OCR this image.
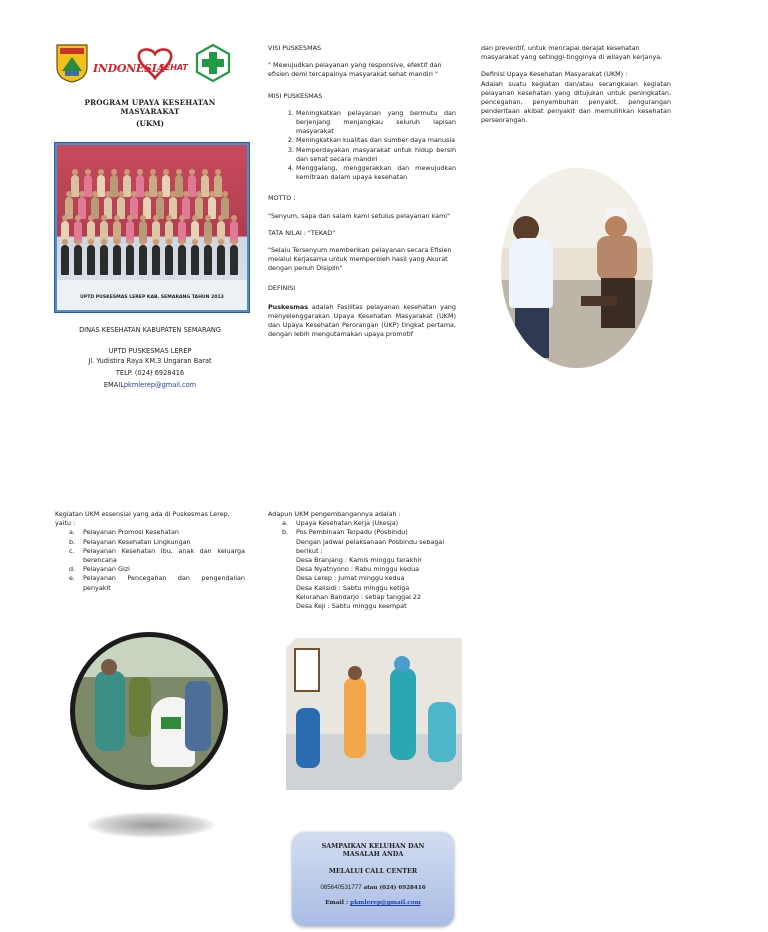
INDONESIA
SEHAT
PROGRAM UPAYA KESEHATAN MASYARAKAT
(UKM)
UPTD PUSKESMAS LEREP KAB. SEMARANG TAHUN 2013
DINAS KESEHATAN KABUPATEN SEMARANG
UPTD PUSKESMAS LEREP
Jl. Yudistira Raya KM.3 Ungaran Barat
TELP. (024) 6928416
EMAILpkmlerep@gmail.com
VISI PUSKESMAS
" Mewujudkan pelayanan yang responsive, efektif dan efisien demi tercapainya masyarakat sehat mandiri "
MISI PUSKESMAS
1. Meningkatkan pelayanan yang bermutu dan berjenjang menjangkau seluruh lapisan masyarakat
2. Meningkatkan kualitas dan sumber daya manusia
3. Memperdayakan masyarakat untuk hidup bersih dan sehat secara mandiri
4. Menggalang, menggerakkan dan mewujudkan kemitraan dalam upaya kesehatan
MOTTO :
"Senyum, sapa dan salam kami setulus pelayanan kami"
TATA NILAI : "TEKAD"
"Selalu Tersenyum memberikan pelayanan secara Efisien melalui Kerjasama untuk memperoleh hasil yang Akurat dengan penuh Disiplin"
DEFINISI
Puskesmas adalah Fasilitas pelayanan kesehatan yang menyelenggarakan Upaya Kesehatan Masyarakat (UKM) dan Upaya Kesehatan Perorangan (UKP) tingkat pertama, dengan lebih mengutamakan upaya promotif
dan preventif, untuk mencapai derajat kesehatan masyarakat yang setinggi-tingginya di wilayah kerjanya.
Definisi Upaya Kesehatan Masyarakat (UKM) :
Adalah suatu kegiatan dan/atau serangkaian kegiatan pelayanan kesehatan yang ditujukan untuk peningkatan, pencegahan, penyembuhan penyakit, pengurangan penderitaan akibat penyakit dan memulihkan kesehatan perseorangan.
Kegiatan UKM essensial yang ada di Puskesmas Lerep, yaitu :
a. Pelayanan Promosi Kesehatan
b. Pelayanan Kesehatan Lingkungan
c. Pelayanan Kesehatan Ibu, anak dan keluarga berencana
d. Pelayanan Gizi
e. Pelayanan Pencegahan dan pengendalian penyakit
Adapun UKM pengembangannya adalah :
a. Upaya Kesehatan Kerja (Ukesja)
b. Pos Pembinaan Terpadu (Posbindu)
Dengan jadwal pelaksanaan Posbindu sebagai berikut :
Desa Branjang : Kamis minggu terakhir
Desa Nyatnyono : Rabu minggu kedua
Desa Lerep : Jumat minggu kedua
Desa Kalisidi : Sabtu minggu ketiga
Kelurahan Bandarjo : setiap tanggal 22
Desa Keji : Sabtu minggu keempat
SAMPAIKAN KELUHAN DAN
MASALAH ANDA
MELALUI CALL CENTER
085640531777 atau (024) 6928416
Email : pkmlerep@gmail.com
